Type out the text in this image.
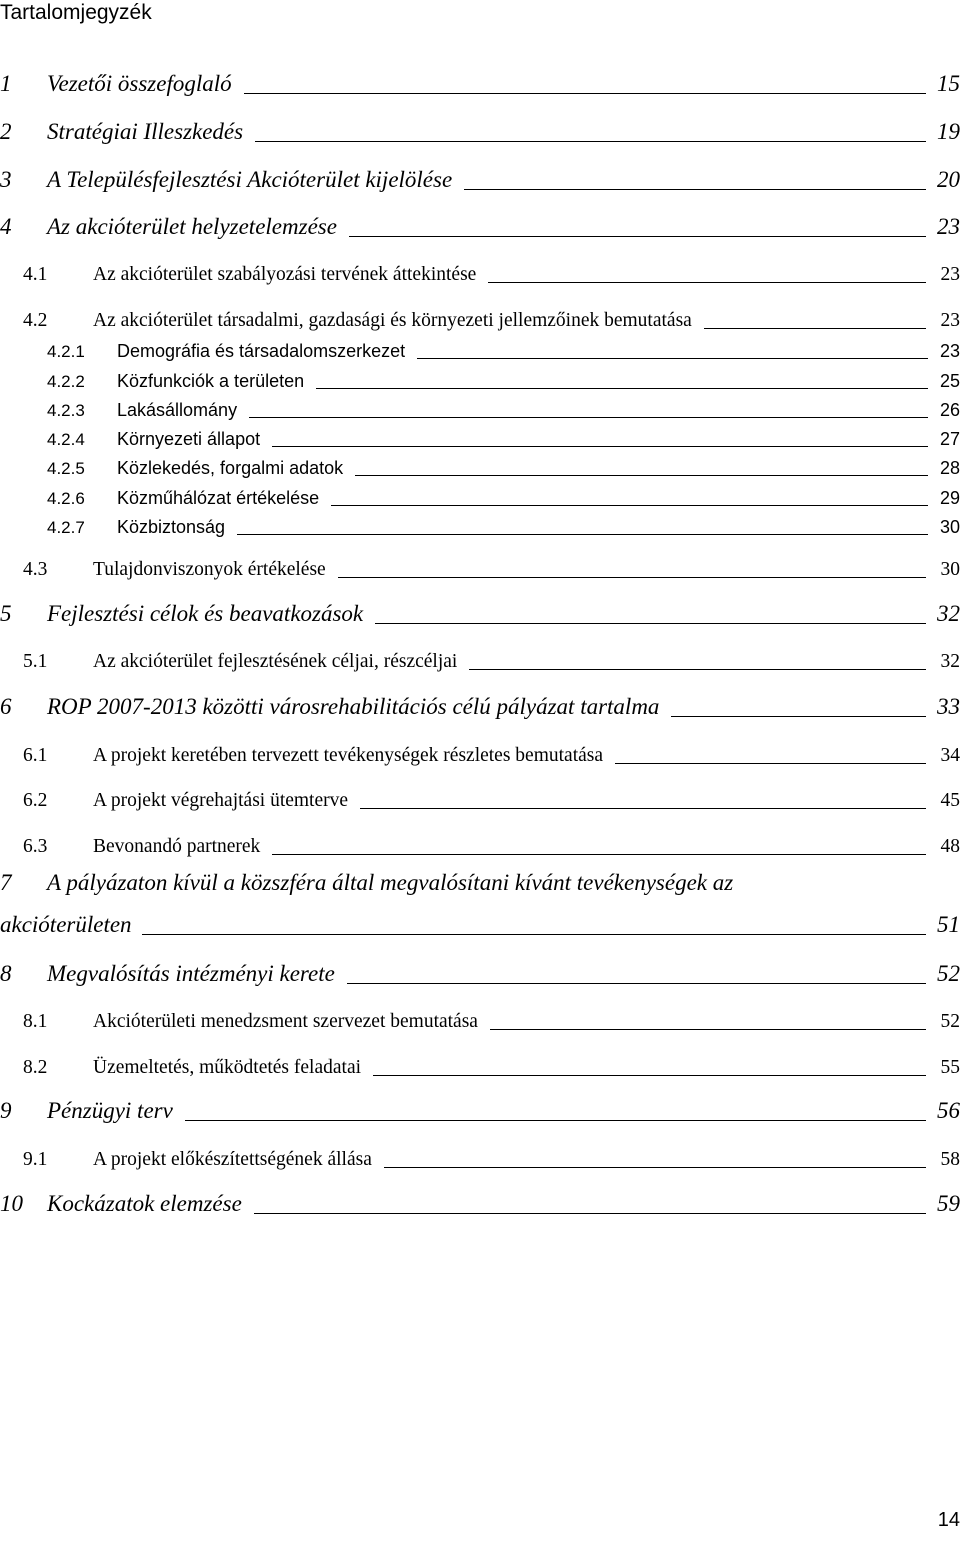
Tartalomjegyzék
1 Vezetői összefoglaló	15
2 Stratégiai Illeszkedés	19
3 A Településfejlesztési Akcióterület kijelölése	20
4 Az akcióterület helyzetelemzése	23
4.1 Az akcióterület szabályozási tervének áttekintése	23
4.2 Az akcióterület társadalmi, gazdasági és környezeti jellemzőinek bemutatása	23
4.2.1 Demográfia és társadalomszerkezet	23
4.2.2 Közfunkciók a területen	25
4.2.3 Lakásállomány	26
4.2.4 Környezeti állapot	27
4.2.5 Közlekedés, forgalmi adatok	28
4.2.6 Közműhálózat értékelése	29
4.2.7 Közbiztonság	30
4.3 Tulajdonviszonyok értékelése	30
5 Fejlesztési célok és beavatkozások	32
5.1 Az akcióterület fejlesztésének céljai, részcéljai	32
6 ROP 2007-2013 közötti városrehabilitációs célú pályázat tartalma	33
6.1 A projekt keretében tervezett tevékenységek részletes bemutatása	34
6.2 A projekt végrehajtási ütemterve	45
6.3 Bevonandó partnerek	48
7 A pályázaton kívül a közszféra által megvalósítani kívánt tevékenységek az
akcióterületen	51
8 Megvalósítás intézményi kerete	52
8.1 Akcióterületi menedzsment szervezet bemutatása	52
8.2 Üzemeltetés, működtetés feladatai	55
9 Pénzügyi terv	56
9.1 A projekt előkészítettségének állása	58
10 Kockázatok elemzése	59
14
